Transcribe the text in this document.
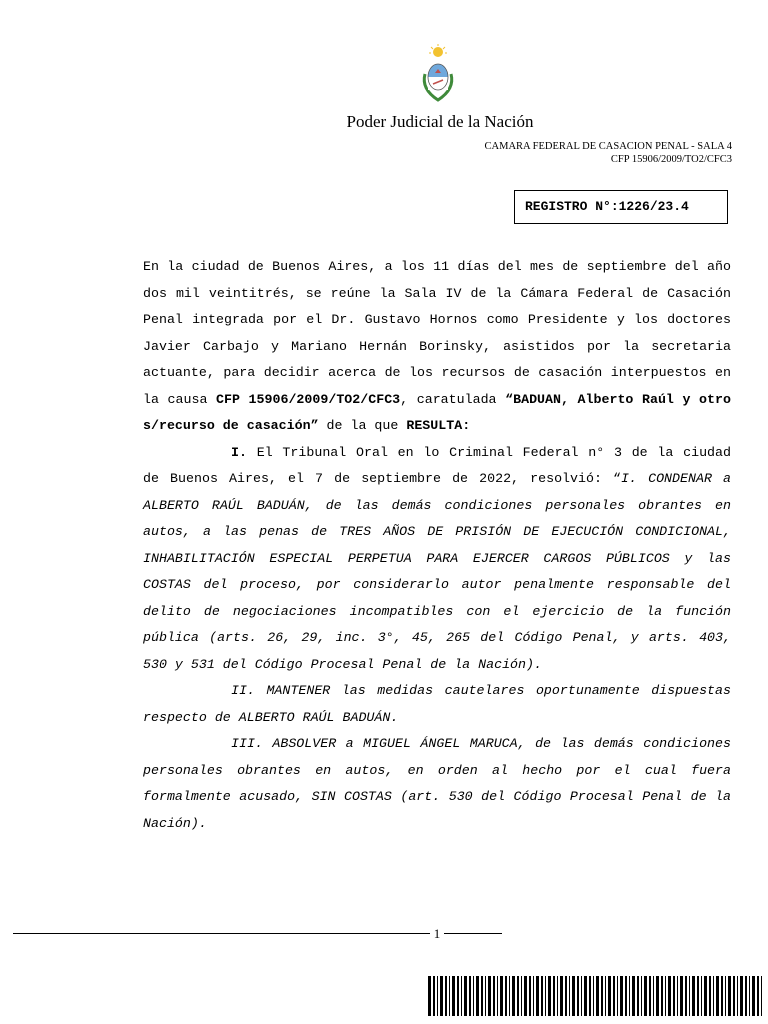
Poder Judicial de la Nación
CAMARA FEDERAL DE CASACION PENAL - SALA 4
CFP 15906/2009/TO2/CFC3
REGISTRO N°:1226/23.4

En la ciudad de Buenos Aires, a los 11 días del mes de septiembre del año dos mil veintitrés, se reúne la Sala IV de la Cámara Federal de Casación Penal integrada por el Dr. Gustavo Hornos como Presidente y los doctores Javier Carbajo y Mariano Hernán Borinsky, asistidos por la secretaria actuante, para decidir acerca de los recursos de casación interpuestos en la causa CFP 15906/2009/TO2/CFC3, caratulada “BADUAN, Alberto Raúl y otro s/recurso de casación” de la que RESULTA:

I. El Tribunal Oral en lo Criminal Federal n° 3 de la ciudad de Buenos Aires, el 7 de septiembre de 2022, resolvió: “I. CONDENAR a ALBERTO RAÚL BADUÁN, de las demás condiciones personales obrantes en autos, a las penas de TRES AÑOS DE PRISIÓN DE EJECUCIÓN CONDICIONAL, INHABILITACIÓN ESPECIAL PERPETUA PARA EJERCER CARGOS PÚBLICOS y las COSTAS del proceso, por considerarlo autor penalmente responsable del delito de negociaciones incompatibles con el ejercicio de la función pública (arts. 26, 29, inc. 3°, 45, 265 del Código Penal, y arts. 403, 530 y 531 del Código Procesal Penal de la Nación).

II. MANTENER las medidas cautelares oportunamente dispuestas respecto de ALBERTO RAÚL BADUÁN.

III. ABSOLVER a MIGUEL ÁNGEL MARUCA, de las demás condiciones personales obrantes en autos, en orden al hecho por el cual fuera formalmente acusado, SIN COSTAS (art. 530 del Código Procesal Penal de la Nación).

1
